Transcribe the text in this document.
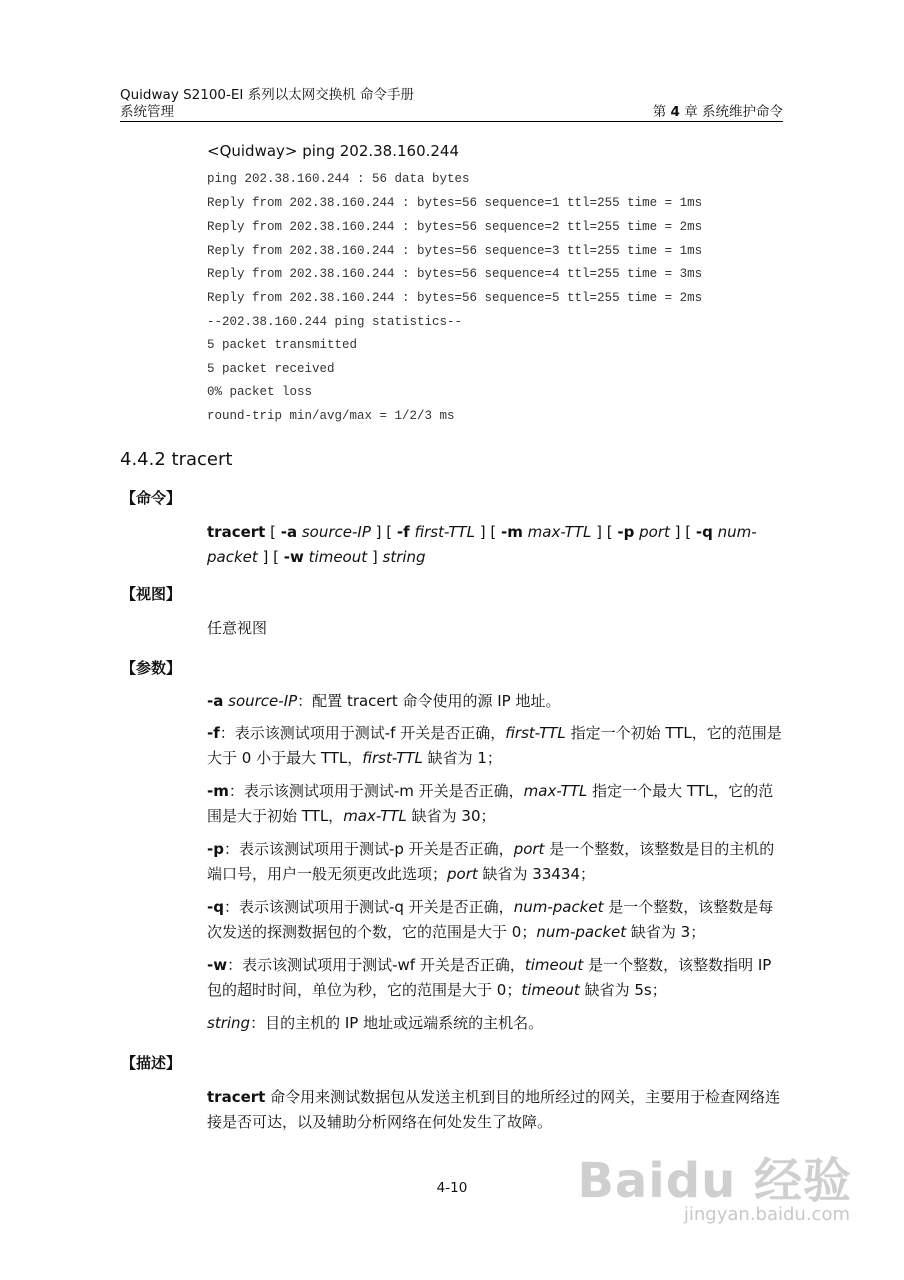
Quidway S2100-EI 系列以太网交换机 命令手册
系统管理	第 4 章 系统维护命令
<Quidway> ping 202.38.160.244
ping 202.38.160.244 : 56 data bytes
Reply from 202.38.160.244 : bytes=56 sequence=1 ttl=255 time = 1ms
Reply from 202.38.160.244 : bytes=56 sequence=2 ttl=255 time = 2ms
Reply from 202.38.160.244 : bytes=56 sequence=3 ttl=255 time = 1ms
Reply from 202.38.160.244 : bytes=56 sequence=4 ttl=255 time = 3ms
Reply from 202.38.160.244 : bytes=56 sequence=5 ttl=255 time = 2ms
--202.38.160.244 ping statistics--
5 packet transmitted
5 packet received
0% packet loss
round-trip min/avg/max = 1/2/3 ms
4.4.2 tracert
【命令】
tracert [ -a source-IP ] [ -f first-TTL ] [ -m max-TTL ] [ -p port ] [ -q num-packet ] [ -w timeout ] string
【视图】
任意视图
【参数】
-a source-IP：配置 tracert 命令使用的源 IP 地址。
-f：表示该测试项用于测试-f 开关是否正确，first-TTL 指定一个初始 TTL，它的范围是大于 0 小于最大 TTL，first-TTL 缺省为 1；
-m：表示该测试项用于测试-m 开关是否正确，max-TTL 指定一个最大 TTL，它的范围是大于初始 TTL，max-TTL 缺省为 30；
-p：表示该测试项用于测试-p 开关是否正确，port 是一个整数，该整数是目的主机的端口号，用户一般无须更改此选项；port 缺省为 33434；
-q：表示该测试项用于测试-q 开关是否正确，num-packet 是一个整数，该整数是每次发送的探测数据包的个数，它的范围是大于 0；num-packet 缺省为 3；
-w：表示该测试项用于测试-wf 开关是否正确，timeout 是一个整数，该整数指明 IP 包的超时时间，单位为秒，它的范围是大于 0；timeout 缺省为 5s；
string：目的主机的 IP 地址或远端系统的主机名。
【描述】
tracert 命令用来测试数据包从发送主机到目的地所经过的网关，主要用于检查网络连接是否可达，以及辅助分析网络在何处发生了故障。
4-10	Baidu 经验
jingyan.baidu.com
